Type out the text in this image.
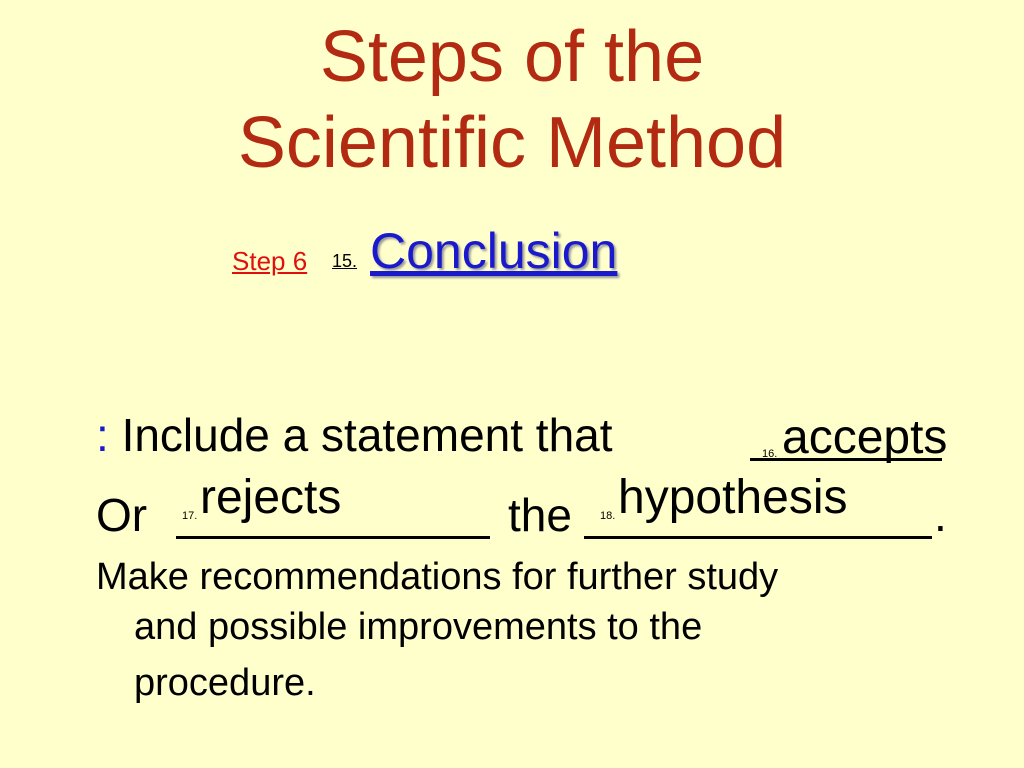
Steps of the
Scientific Method
Step 6 15. Conclusion
: Include a statement that	16. accepts
Or	17. rejects	the	18. hypothesis .

Make recommendations for further study
and possible improvements to the
procedure.
